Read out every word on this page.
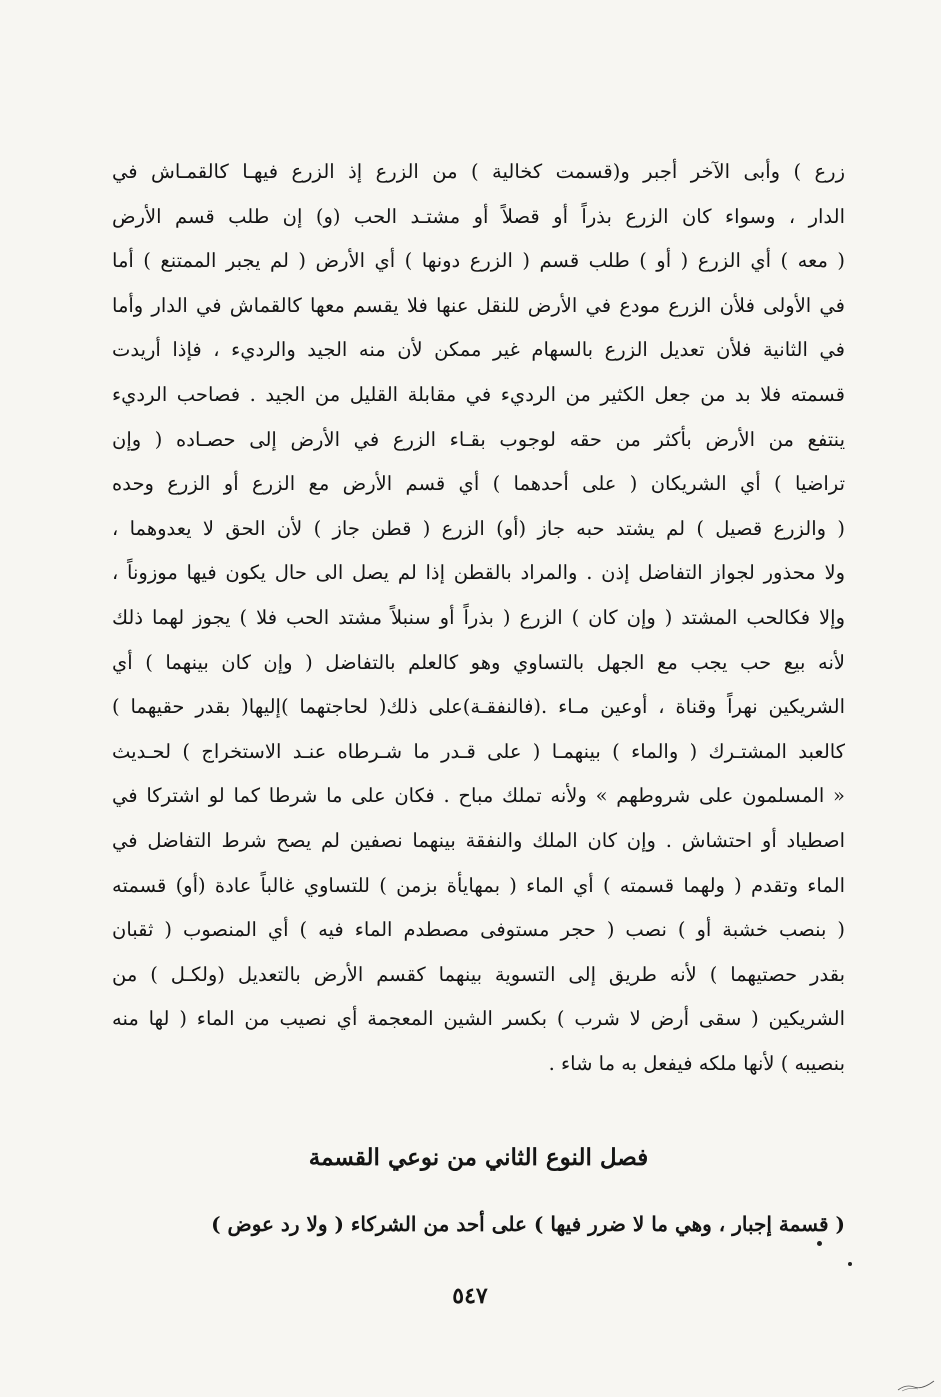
زرع ) وأبى الآخر أجبر و(قسمت كخالية ) من الزرع إذ الزرع فيهـا كالقمـاش في
الدار ، وسواء كان الزرع بذراً أو قصلاً أو مشتـد الحب (و) إن طلب قسم الأرض
( معه ) أي الزرع ( أو ) طلب قسم ( الزرع دونها ) أي الأرض ( لم يجبر الممتنع ) أما
في الأولى فلأن الزرع مودع في الأرض للنقل عنها فلا يقسم معها كالقماش في الدار وأما
في الثانية فلأن تعديل الزرع بالسهام غير ممكن لأن منه الجيد والرديء ، فإذا أريدت
قسمته فلا بد من جعل الكثير من الرديء في مقابلة القليل من الجيد . فصاحب الرديء
ينتفع من الأرض بأكثر من حقه لوجوب بقـاء الزرع في الأرض إلى حصـاده ( وإن
تراضيا ) أي الشريكان ( على أحدهما ) أي قسم الأرض مع الزرع أو الزرع وحده
( والزرع قصيل ) لم يشتد حبه جاز (أو) الزرع ( قطن جاز ) لأن الحق لا يعدوهما ،
ولا محذور لجواز التفاضل إذن . والمراد بالقطن إذا لم يصل الى حال يكون فيها موزوناً ،
وإلا فكالحب المشتد ( وإن كان ) الزرع ( بذراً أو سنبلاً مشتد الحب فلا ) يجوز لهما ذلك
لأنه بيع حب يجب مع الجهل بالتساوي وهو كالعلم بالتفاضل ( وإن كان بينهما ) أي
الشريكين نهراً وقناة ، أوعين مـاء .(فالنفقـة)على ذلك( لحاجتهما )إليها( بقدر حقيهما )
كالعبد المشتـرك ( والماء ) بينهمـا ( على قـدر ما شـرطاه عنـد الاستخراج ) لحـديث
« المسلمون على شروطهم » ولأنه تملك مباح . فكان على ما شرطا كما لو اشتركا في
اصطياد أو احتشاش . وإن كان الملك والنفقة بينهما نصفين لم يصح شرط التفاضل في
الماء وتقدم ( ولهما قسمته ) أي الماء ( بمهايأة بزمن ) للتساوي غالباً عادة (أو) قسمته
( بنصب خشبة أو ) نصب ( حجر مستوفى مصطدم الماء فيه ) أي المنصوب ( ثقبان
بقدر حصتيهما ) لأنه طريق إلى التسوية بينهما كقسم الأرض بالتعديل (ولكـل ) من
الشريكين ( سقى أرض لا شرب ) بكسر الشين المعجمة أي نصيب من الماء ( لها منه
بنصيبه ) لأنها ملكه فيفعل به ما شاء .
فصل النوع الثاني من نوعي القسمة
( قسمة إجبار ، وهي ما لا ضرر فيها ) على أحد من الشركاء ( ولا رد عوض )
٥٤٧
